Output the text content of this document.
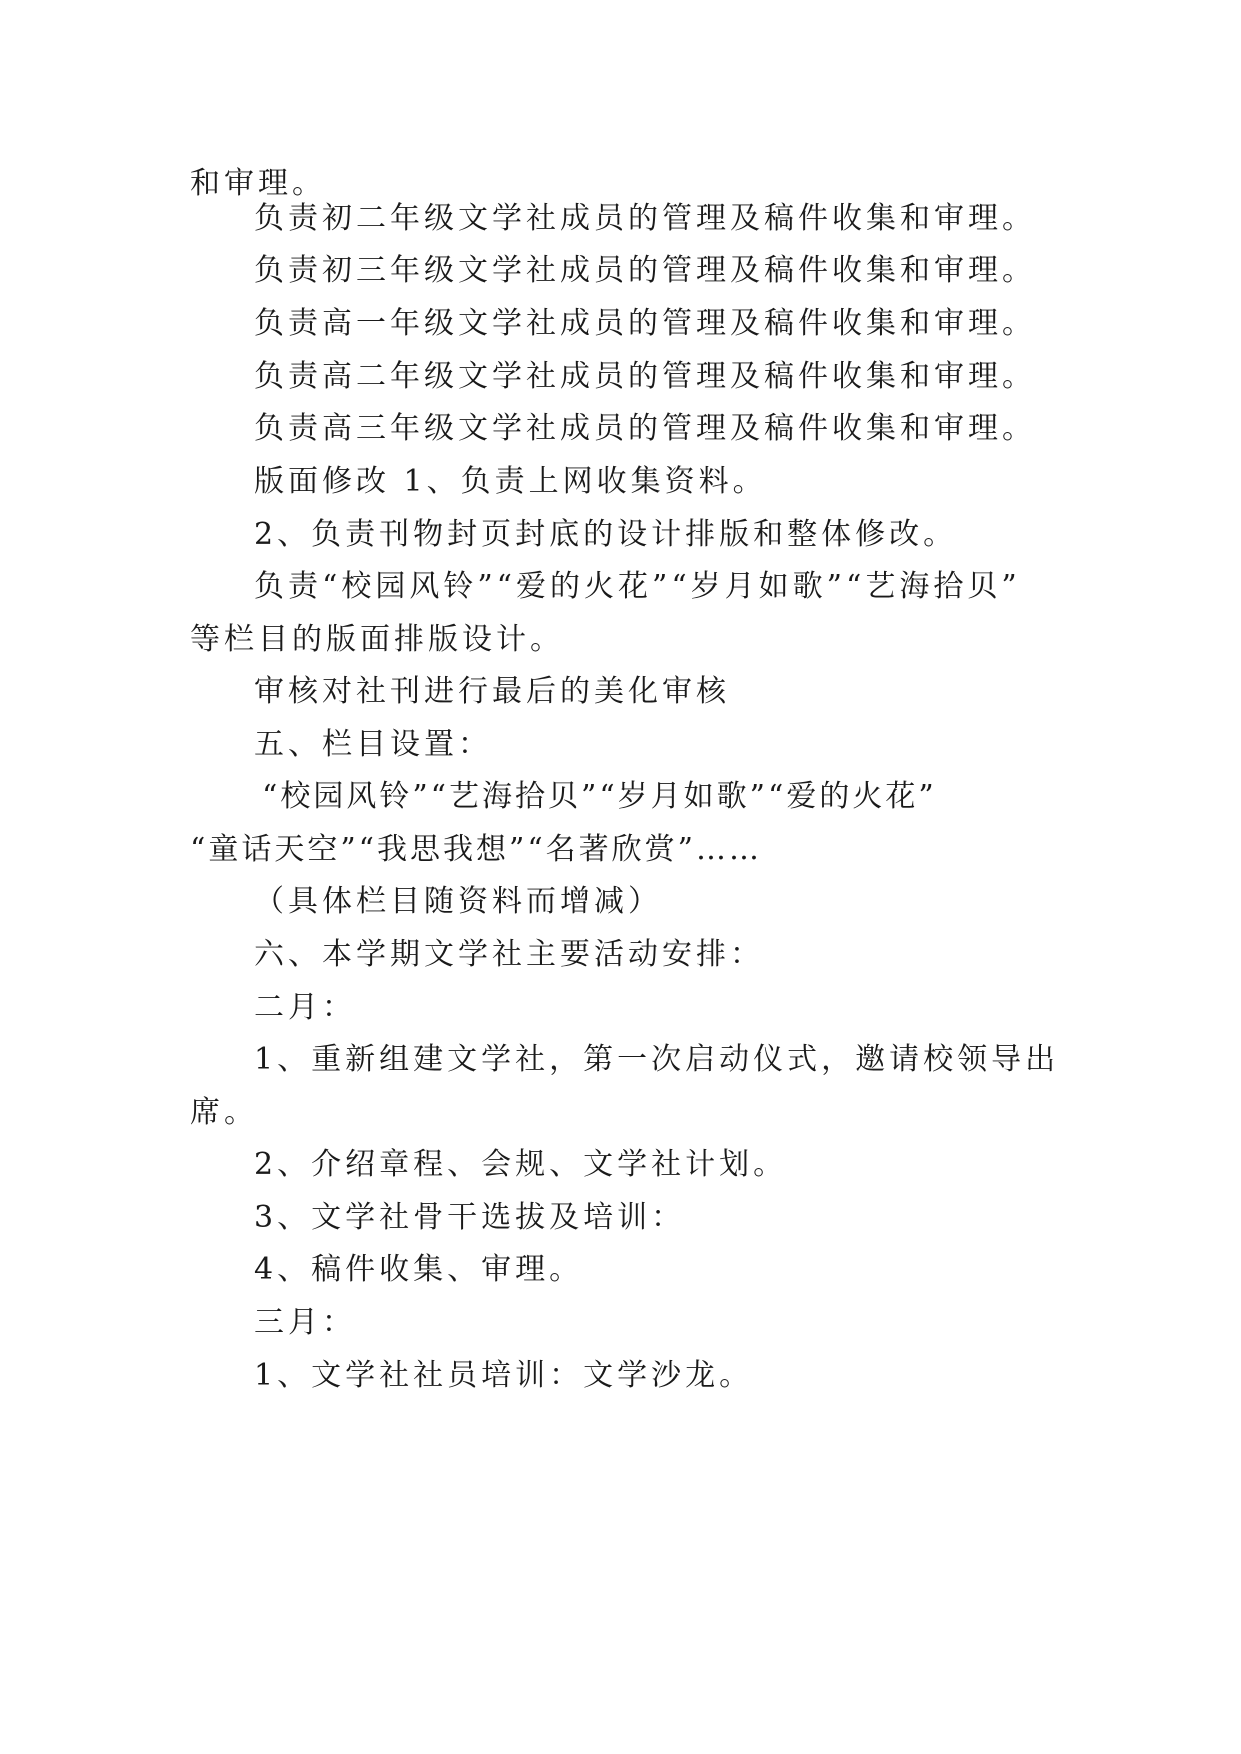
和审理。
负责初二年级文学社成员的管理及稿件收集和审理。
负责初三年级文学社成员的管理及稿件收集和审理。
负责高一年级文学社成员的管理及稿件收集和审理。
负责高二年级文学社成员的管理及稿件收集和审理。
负责高三年级文学社成员的管理及稿件收集和审理。
版面修改 1、负责上网收集资料。
2、负责刊物封页封底的设计排版和整体修改。
负责“校园风铃”“爱的火花”“岁月如歌”“艺海拾贝”
等栏目的版面排版设计。
审核对社刊进行最后的美化审核
五、栏目设置：
“校园风铃”“艺海拾贝”“岁月如歌”“爱的火花”
“童话天空”“我思我想”“名著欣赏”……
（具体栏目随资料而增减）
六、本学期文学社主要活动安排：
二月：
1、重新组建文学社，第一次启动仪式，邀请校领导出
席。
2、介绍章程、会规、文学社计划。
3、文学社骨干选拔及培训：
4、稿件收集、审理。
三月：
1、文学社社员培训：文学沙龙。
